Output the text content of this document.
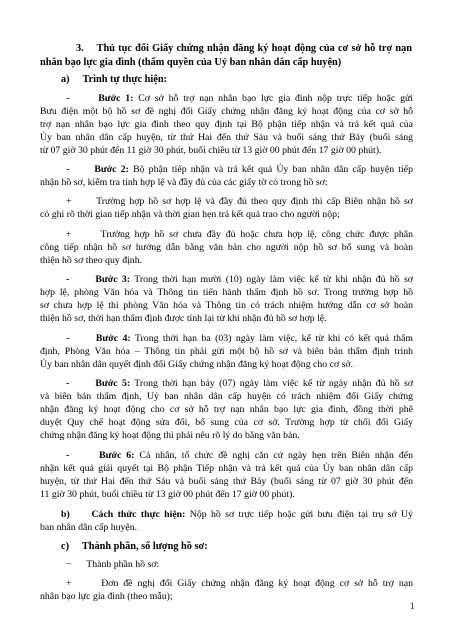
3. Thủ tục đổi Giấy chứng nhận đăng ký hoạt động của cơ sở hỗ trợ nạn
nhân bạo lực gia đình (thẩm quyền của Uỷ ban nhân dân cấp huyện)
a) Trình tự thực hiện:
-	Bước 1: Cơ sở hỗ trợ nạn nhân bạo lực gia đình nộp trực tiếp hoặc gửi
Bưu điện một bộ hồ sơ đề nghị đổi Giấy chứng nhận đăng ký hoạt động của cơ sở hỗ
trợ nạn nhân bạo lực gia đình theo quy định tại Bộ phận tiếp nhận và trả kết quả của
Ủy ban nhân dân cấp huyện, từ thứ Hai đến thứ Sáu và buổi sáng thứ Bảy (buổi sáng
từ 07 giờ 30 phút đến 11 giờ 30 phút, buổi chiều từ 13 giờ 00 phút đến 17 giờ 00 phút).
-	Bước 2: Bộ phận tiếp nhận và trả kết quả Ủy ban nhân dân cấp huyện tiếp
nhận hồ sơ, kiểm tra tính hợp lệ và đầy đủ của các giấy tờ có trong hồ sơ:
+	Trường hợp hồ sơ hợp lệ và đầy đủ theo quy định thì cấp Biên nhận hồ sơ
có ghi rõ thời gian tiếp nhận và thời gian hẹn trả kết quả trao cho người nộp;
+	Trường hợp hồ sơ chưa đầy đủ hoặc chưa hợp lệ, công chức được phân
công tiếp nhận hồ sơ hướng dẫn bằng văn bản cho người nộp hồ sơ bổ sung và hoàn
thiện hồ sơ theo quy định.
-	Bước 3: Trong thời hạn mười (10) ngày làm việc kể từ khi nhận đủ hồ sơ
hợp lệ, phòng Văn hóa và Thông tin tiến hành thẩm định hồ sơ. Trong trường hợp hồ
sơ chưa hợp lệ thì phòng Văn hóa và Thông tin có trách nhiệm hướng dẫn cơ sở hoàn
thiện hồ sơ, thời hạn thẩm định được tính lại từ khi nhận đủ hồ sơ hợp lệ.
-	Bước 4: Trong thời hạn ba (03) ngày làm việc, kể từ khi có kết quả thẩm
định, Phòng Văn hóa – Thông tin phải gửi một bộ hồ sơ và biên bản thẩm định trình
Ủy ban nhân dân quyết định đổi Giấy chứng nhận đăng ký hoạt động cho cơ sở.
-	Bước 5: Trong thời hạn bảy (07) ngày làm việc kể từ ngày nhận đủ hồ sơ
và biên bản thẩm định, Uỷ ban nhân dân cấp huyện có trách nhiệm đổi Giấy chứng
nhận đăng ký hoạt động cho cơ sở hỗ trợ nạn nhân bạo lực gia đình, đồng thời phê
duyệt Quy chế hoạt động sửa đổi, bổ sung của cơ sở. Trường hợp từ chối đổi Giấy
chứng nhận đăng ký hoạt động thì phải nêu rõ lý do bằng văn bản.
-	Bước 6: Cá nhân, tổ chức đề nghị căn cứ ngày hẹn trên Biên nhận đến
nhận kết quả giải quyết tại Bộ phận Tiếp nhận và trả kết quả của Ủy ban nhân dân cấp
huyện, từ thứ Hai đến thứ Sáu và buổi sáng thứ Bảy (buổi sáng từ 07 giờ 30 phút đến
11 giờ 30 phút, buổi chiều từ 13 giờ 00 phút đến 17 giờ 00 phút).
b) Cách thức thực hiện: Nộp hồ sơ trực tiếp hoặc gửi bưu điện tại trụ sở Uỷ
ban nhân dân cấp huyện.
c) Thành phần, số lượng hồ sơ:
− Thành phần hồ sơ:
+	Đơn đề nghị đổi Giấy chứng nhận đăng ký hoạt động cơ sở hỗ trợ nạn
nhân bạo lực gia đình (theo mẫu);
1
